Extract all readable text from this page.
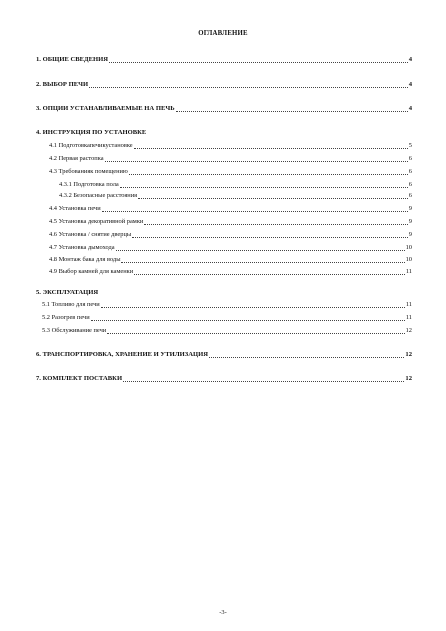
ОГЛАВЛЕНИЕ
1. ОБЩИЕ СВЕДЕНИЯ	4
2. ВЫБОР ПЕЧИ	4
3. ОПЦИИ УСТАНАВЛИВАЕМЫЕ НА ПЕЧЬ	4
4. ИНСТРУКЦИЯ ПО УСТАНОВКЕ
4.1 Подготовкапечикустановке	5
4.2 Первая растопка	6
4.3 Требованияк помещению	6
4.3.1 Подготовка пола	6
4.3.2 Безопасные расстояния	6
4.4 Установка печи	9
4.5 Установка декоративной рамки	9
4.6 Установка / снятие дверцы	9
4.7 Установка дымохода	10
4.8 Монтаж бака для воды	10
4.9 Выбор камней для каменки	11
5. ЭКСПЛУАТАЦИЯ
5.1 Топливо для печи	11
5.2 Разогрев печи	11
5.3 Обслуживание печи	12
6. ТРАНСПОРТИРОВКА, ХРАНЕНИЕ И УТИЛИЗАЦИЯ	12
7. КОМПЛЕКТ ПОСТАВКИ	12
-3-
